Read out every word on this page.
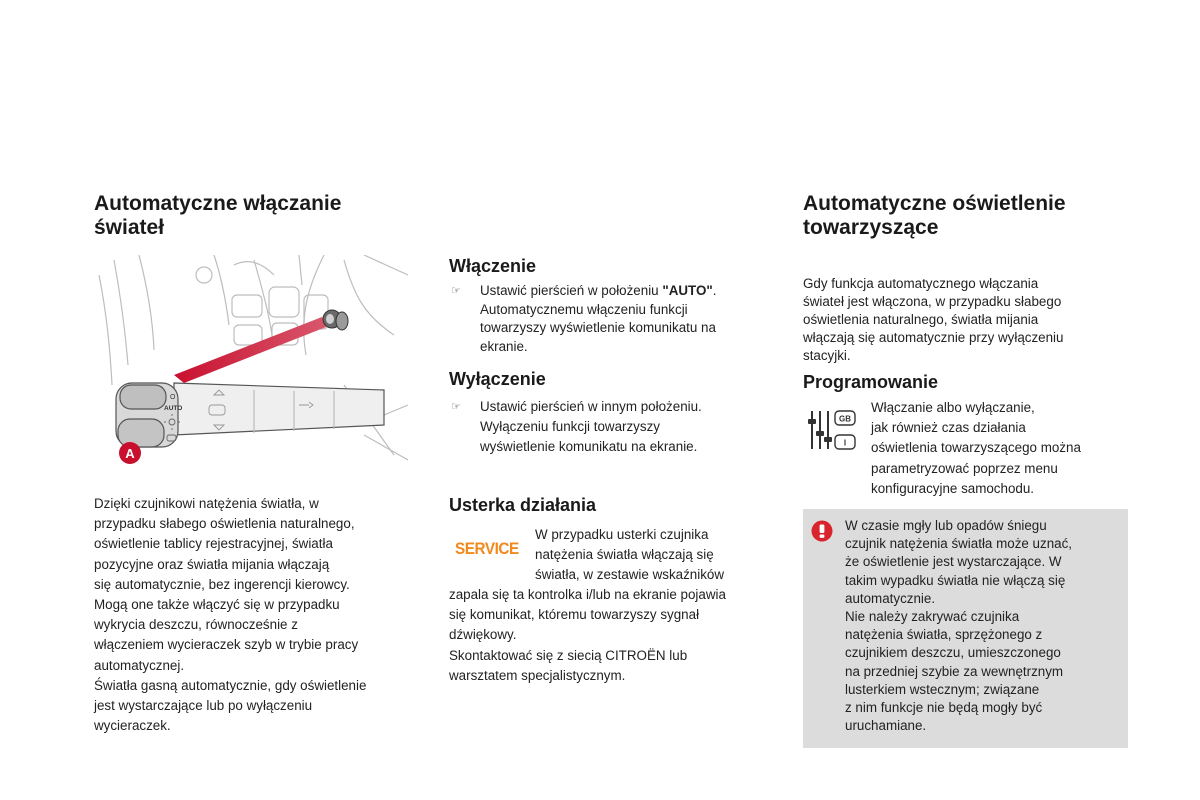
Automatyczne włączanie
świateł
O
AUTO
A
Dzięki czujnikowi natężenia światła, w
przypadku słabego oświetlenia naturalnego,
oświetlenie tablicy rejestracyjnej, światła
pozycyjne oraz światła mijania włączają
się automatycznie, bez ingerencji kierowcy.
Mogą one także włączyć się w przypadku
wykrycia deszczu, równocześnie z
włączeniem wycieraczek szyb w trybie pracy
automatycznej.
Światła gasną automatycznie, gdy oświetlenie
jest wystarczające lub po wyłączeniu
wycieraczek.
Włączenie
☞	Ustawić pierścień w położeniu "AUTO".
Automatycznemu włączeniu funkcji
towarzyszy wyświetlenie komunikatu na
ekranie.
Wyłączenie
☞	Ustawić pierścień w innym położeniu.
Wyłączeniu funkcji towarzyszy
wyświetlenie komunikatu na ekranie.
Usterka działania
SERVICE
W przypadku usterki czujnika
natężenia światła włączają się
światła, w zestawie wskaźników
zapala się ta kontrolka i/lub na ekranie pojawia
się komunikat, któremu towarzyszy sygnał
dźwiękowy.
Skontaktować się z siecią CITROËN lub
warsztatem specjalistycznym.
Automatyczne oświetlenie
towarzyszące
Gdy funkcja automatycznego włączania
świateł jest włączona, w przypadku słabego
oświetlenia naturalnego, światła mijania
włączają się automatycznie przy wyłączeniu
stacyjki.
Programowanie
GB
I
Włączanie albo wyłączanie,
jak również czas działania
oświetlenia towarzyszącego można
parametryzować poprzez menu
konfiguracyjne samochodu.
W czasie mgły lub opadów śniegu
czujnik natężenia światła może uznać,
że oświetlenie jest wystarczające. W
takim wypadku światła nie włączą się
automatycznie.
Nie należy zakrywać czujnika
natężenia światła, sprzężonego z
czujnikiem deszczu, umieszczonego
na przedniej szybie za wewnętrznym
lusterkiem wstecznym; związane
z nim funkcje nie będą mogły być
uruchamiane.
